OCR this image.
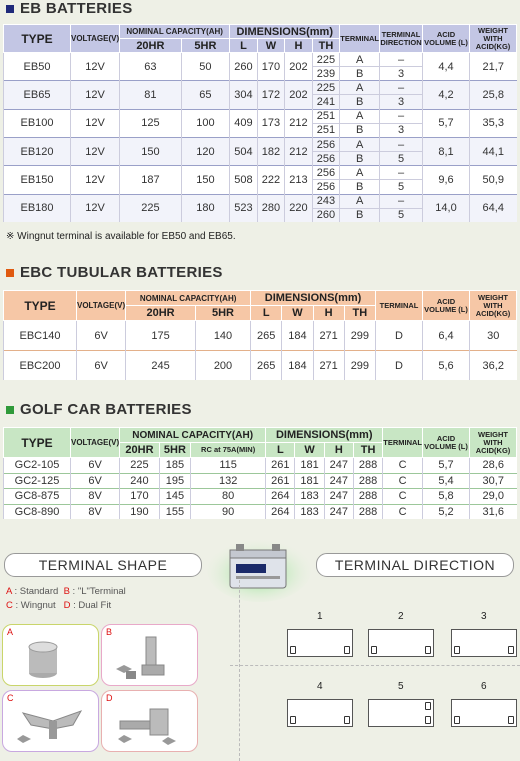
EB BATTERIES
TYPE	VOLTAGE(V)	NOMINAL CAPACITY(AH)		DIMENSIONS(mm)				TERMINAL	TERMINAL DIRECTION	ACID VOLUME (L)	WEIGHT WITH ACID(KG)
		20HR	5HR	L	W	H	TH				
EB50	12V	63	50	260	170	202	225	A	–	4,4	21,7
							239	B	3		
EB65	12V	81	65	304	172	202	225	A	–	4,2	25,8
							241	B	3		
EB100	12V	125	100	409	173	212	251	A	–	5,7	35,3
							251	B	3		
EB120	12V	150	120	504	182	212	256	A	–	8,1	44,1
							256	B	5		
EB150	12V	187	150	508	222	213	256	A	–	9,6	50,9
							256	B	5		
EB180	12V	225	180	523	280	220	243	A	–	14,0	64,4
							260	B	5		
※ Wingnut terminal is available for EB50 and EB65.
EBC TUBULAR BATTERIES
TYPE	VOLTAGE(V)	NOMINAL CAPACITY(AH)		DIMENSIONS(mm)				TERMINAL	ACID VOLUME (L)	WEIGHT WITH ACID(KG)
		20HR	5HR	L	W	H	TH			
EBC140	6V	175	140	265	184	271	299	D	6,4	30
EBC200	6V	245	200	265	184	271	299	D	5,6	36,2
GOLF CAR BATTERIES
TYPE	VOLTAGE(V)	NOMINAL CAPACITY(AH)			DIMENSIONS(mm)				TERMINAL	ACID VOLUME (L)	WEIGHT WITH ACID(KG)
		20HR	5HR	RC at 75A(MIN)	L	W	H	TH			
GC2-105	6V	225	185	115	261	181	247	288	C	5,7	28,6
GC2-125	6V	240	195	132	261	181	247	288	C	5,4	30,7
GC8-875	8V	170	145	80	264	183	247	288	C	5,8	29,0
GC8-890	8V	190	155	90	264	183	247	288	C	5,2	31,6
TERMINAL SHAPE	TERMINAL DIRECTION
A : Standard B : "L"Terminal
C : Wingnut D : Dual Fit
A	B
C	D
1	2	3
4	5	6
